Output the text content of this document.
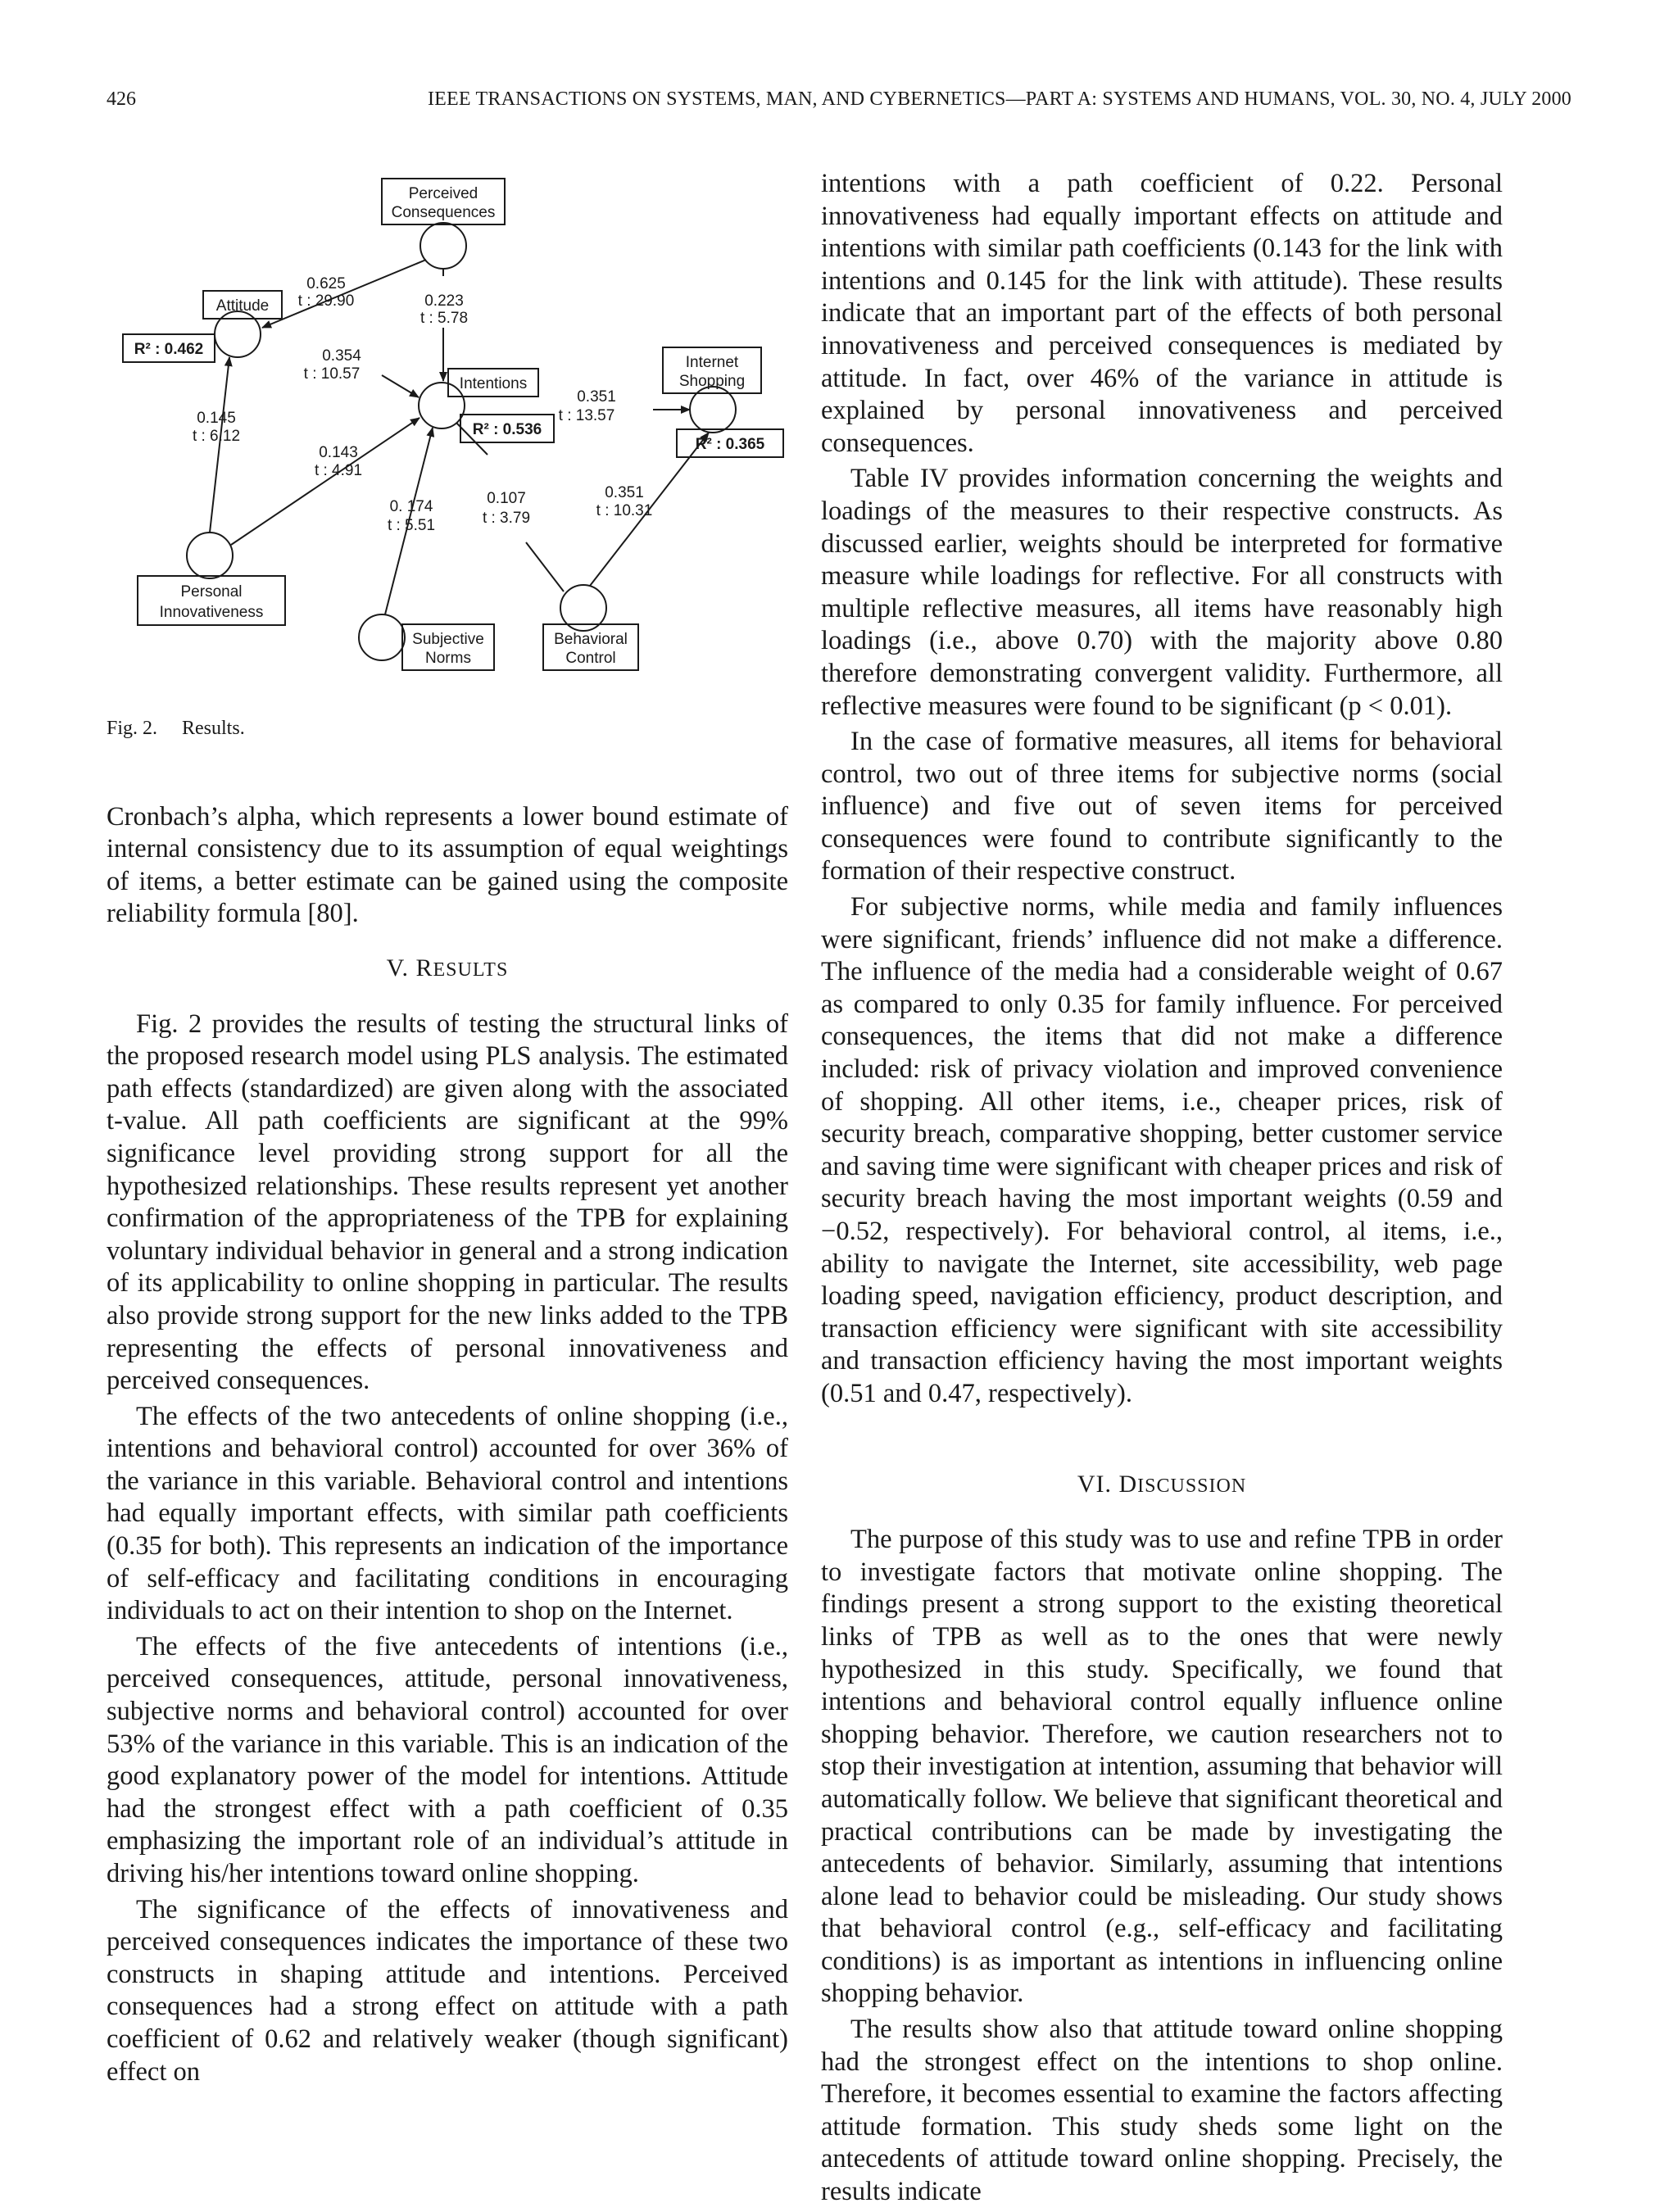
426	IEEE TRANSACTIONS ON SYSTEMS, MAN, AND CYBERNETICS—PART A: SYSTEMS AND HUMANS, VOL. 30, NO. 4, JULY 2000
Perceived
Consequences
Attitude
Intentions
Internet
Shopping
Personal
Innovativeness
Subjective
Norms
Behavioral
Control
R² : 0.462
R² : 0.536
R² : 0.365
0.625
t : 29.90	0.223
t : 5.78
0.354
t : 10.57
0.145
t : 6.12
0.143
t : 4.91
0.351
t : 13.57
0. 174
t : 5.51
0.107
t : 3.79
0.351
t : 10.31
Fig. 2. Results.

Cronbach’s alpha, which represents a lower bound estimate of internal consistency due to its assumption of equal weightings of items, a better estimate can be gained using the composite reliability formula [80].

V. RESULTS

Fig. 2 provides the results of testing the structural links of the proposed research model using PLS analysis. The estimated path effects (standardized) are given along with the associated t-value. All path coefficients are significant at the 99% significance level providing strong support for all the hypothesized relationships. These results represent yet another confirmation of the appropriateness of the TPB for explaining voluntary individual behavior in general and a strong indication of its applicability to online shopping in particular. The results also provide strong support for the new links added to the TPB representing the effects of personal innovativeness and perceived consequences.

The effects of the two antecedents of online shopping (i.e., intentions and behavioral control) accounted for over 36% of the variance in this variable. Behavioral control and intentions had equally important effects, with similar path coefficients (0.35 for both). This represents an indication of the importance of self-efficacy and facilitating conditions in encouraging individuals to act on their intention to shop on the Internet.

The effects of the five antecedents of intentions (i.e., perceived consequences, attitude, personal innovativeness, subjective norms and behavioral control) accounted for over 53% of the variance in this variable. This is an indication of the good explanatory power of the model for intentions. Attitude had the strongest effect with a path coefficient of 0.35 emphasizing the important role of an individual’s attitude in driving his/her intentions toward online shopping.

The significance of the effects of innovativeness and perceived consequences indicates the importance of these two constructs in shaping attitude and intentions. Perceived consequences had a strong effect on attitude with a path coefficient of 0.62 and relatively weaker (though significant) effect on

intentions with a path coefficient of 0.22. Personal innovativeness had equally important effects on attitude and intentions with similar path coefficients (0.143 for the link with intentions and 0.145 for the link with attitude). These results indicate that an important part of the effects of both personal innovativeness and perceived consequences is mediated by attitude. In fact, over 46% of the variance in attitude is explained by personal innovativeness and perceived consequences.

Table IV provides information concerning the weights and loadings of the measures to their respective constructs. As discussed earlier, weights should be interpreted for formative measure while loadings for reflective. For all constructs with multiple reflective measures, all items have reasonably high loadings (i.e., above 0.70) with the majority above 0.80 therefore demonstrating convergent validity. Furthermore, all reflective measures were found to be significant (p < 0.01).

In the case of formative measures, all items for behavioral control, two out of three items for subjective norms (social influence) and five out of seven items for perceived consequences were found to contribute significantly to the formation of their respective construct.

For subjective norms, while media and family influences were significant, friends’ influence did not make a difference. The influence of the media had a considerable weight of 0.67 as compared to only 0.35 for family influence. For perceived consequences, the items that did not make a difference included: risk of privacy violation and improved convenience of shopping. All other items, i.e., cheaper prices, risk of security breach, comparative shopping, better customer service and saving time were significant with cheaper prices and risk of security breach having the most important weights (0.59 and −0.52, respectively). For behavioral control, al items, i.e., ability to navigate the Internet, site accessibility, web page loading speed, navigation efficiency, product description, and transaction efficiency were significant with site accessibility and transaction efficiency having the most important weights (0.51 and 0.47, respectively).

VI. DISCUSSION

The purpose of this study was to use and refine TPB in order to investigate factors that motivate online shopping. The findings present a strong support to the existing theoretical links of TPB as well as to the ones that were newly hypothesized in this study. Specifically, we found that intentions and behavioral control equally influence online shopping behavior. Therefore, we caution researchers not to stop their investigation at intention, assuming that behavior will automatically follow. We believe that significant theoretical and practical contributions can be made by investigating the antecedents of behavior. Similarly, assuming that intentions alone lead to behavior could be misleading. Our study shows that behavioral control (e.g., self-efficacy and facilitating conditions) is as important as intentions in influencing online shopping behavior.

The results show also that attitude toward online shopping had the strongest effect on the intentions to shop online. Therefore, it becomes essential to examine the factors affecting attitude formation. This study sheds some light on the antecedents of attitude toward online shopping. Precisely, the results indicate
